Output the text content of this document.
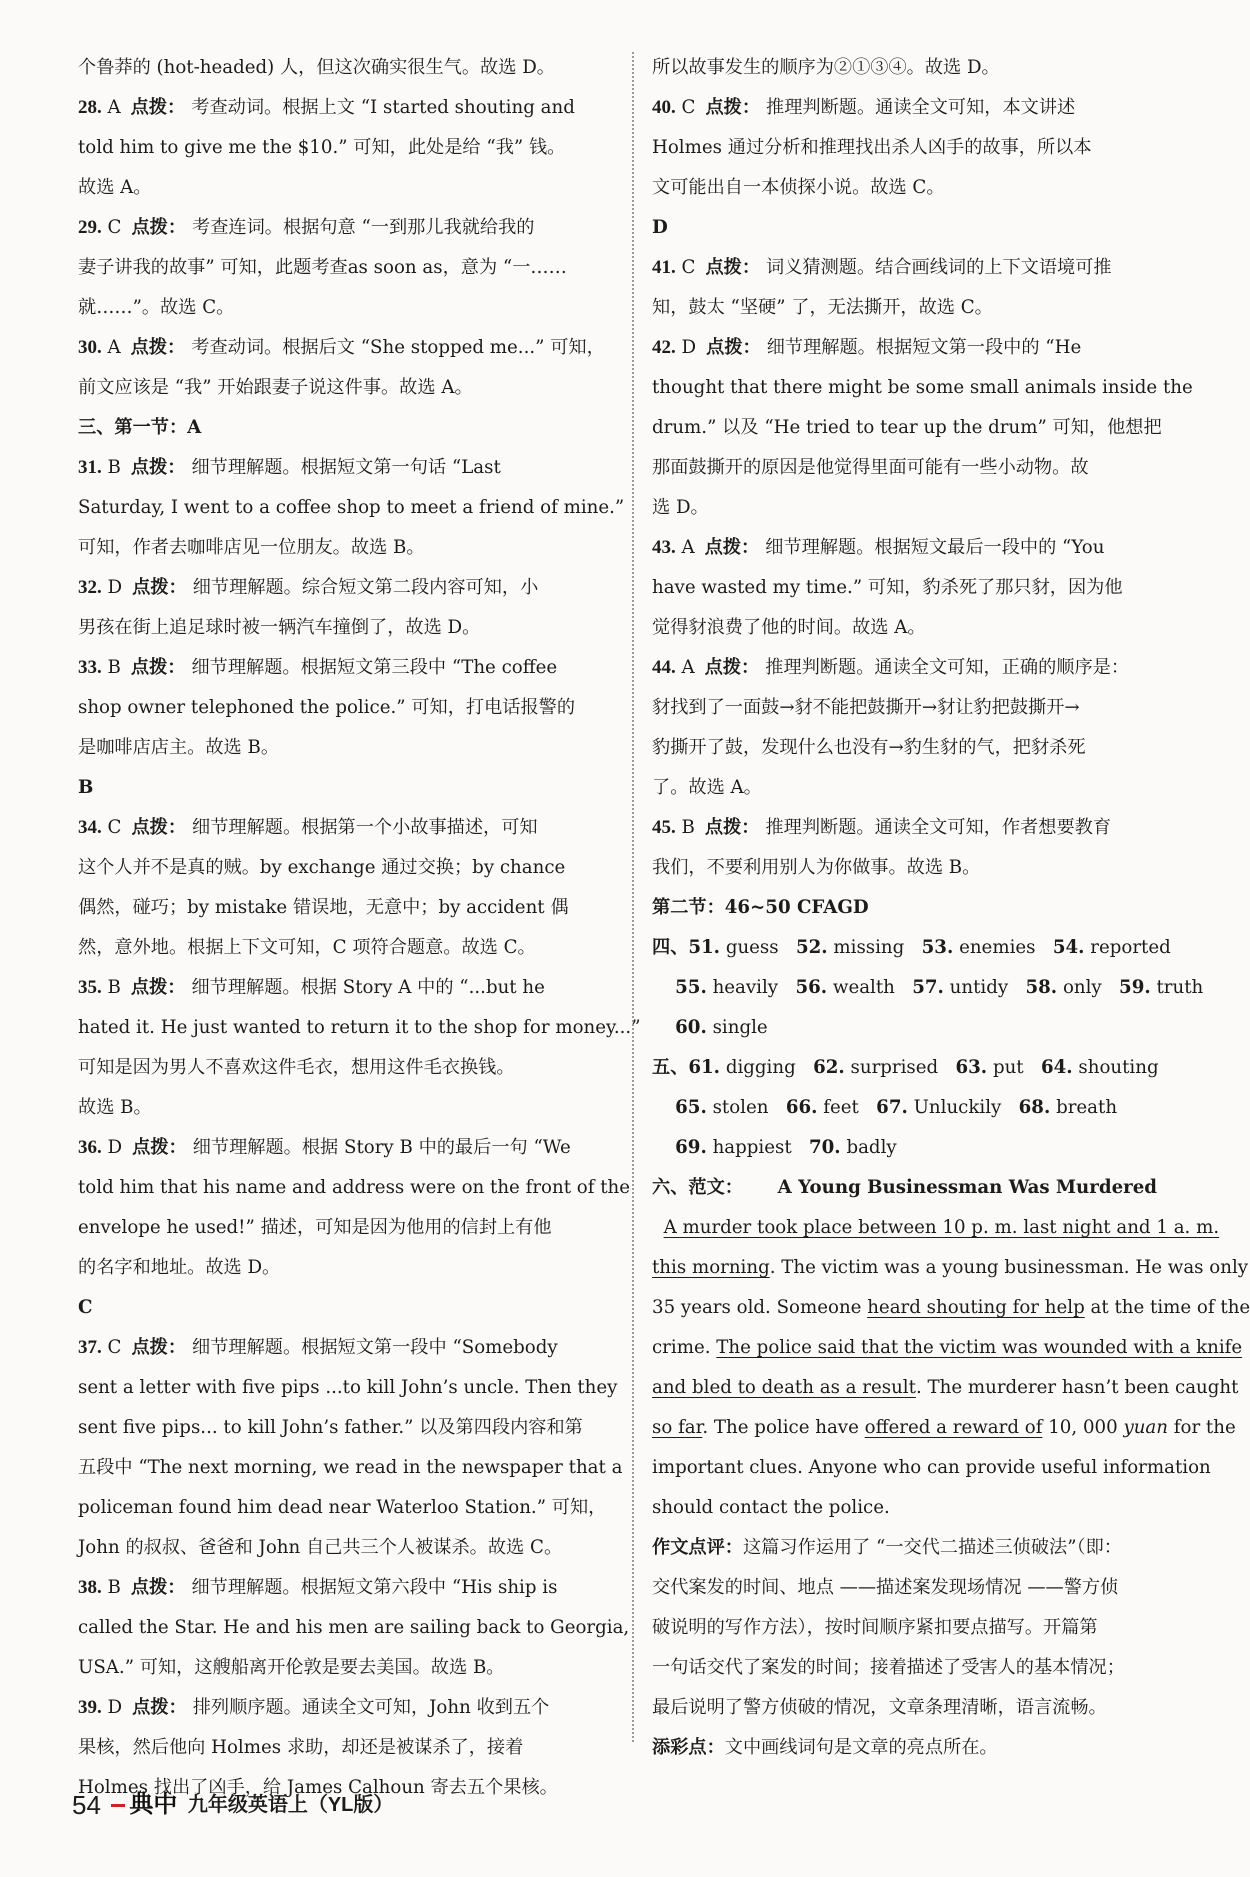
个鲁莽的 (hot-headed) 人，但这次确实很生气。故选 D。
28. A 点拨： 考查动词。根据上文 “I started shouting and
told him to give me the $10.” 可知，此处是给 “我” 钱。
故选 A。
29. C 点拨： 考查连词。根据句意 “一到那儿我就给我的
妻子讲我的故事” 可知，此题考查as soon as，意为 “一……
就……”。故选 C。
30. A 点拨： 考查动词。根据后文 “She stopped me...” 可知，
前文应该是 “我” 开始跟妻子说这件事。故选 A。
三、第一节：A
31. B 点拨： 细节理解题。根据短文第一句话 “Last
Saturday, I went to a coffee shop to meet a friend of mine.”
可知，作者去咖啡店见一位朋友。故选 B。
32. D 点拨： 细节理解题。综合短文第二段内容可知，小
男孩在街上追足球时被一辆汽车撞倒了，故选 D。
33. B 点拨： 细节理解题。根据短文第三段中 “The coffee
shop owner telephoned the police.” 可知，打电话报警的
是咖啡店店主。故选 B。
B
34. C 点拨： 细节理解题。根据第一个小故事描述，可知
这个人并不是真的贼。by exchange 通过交换；by chance
偶然，碰巧；by mistake 错误地，无意中；by accident 偶
然，意外地。根据上下文可知，C 项符合题意。故选 C。
35. B 点拨： 细节理解题。根据 Story A 中的 “...but he
hated it. He just wanted to return it to the shop for money...”
可知是因为男人不喜欢这件毛衣，想用这件毛衣换钱。
故选 B。
36. D 点拨： 细节理解题。根据 Story B 中的最后一句 “We
told him that his name and address were on the front of the
envelope he used!” 描述，可知是因为他用的信封上有他
的名字和地址。故选 D。
C
37. C 点拨： 细节理解题。根据短文第一段中 “Somebody
sent a letter with five pips ...to kill John’s uncle. Then they
sent five pips... to kill John’s father.” 以及第四段内容和第
五段中 “The next morning, we read in the newspaper that a
policeman found him dead near Waterloo Station.” 可知，
John 的叔叔、爸爸和 John 自己共三个人被谋杀。故选 C。
38. B 点拨： 细节理解题。根据短文第六段中 “His ship is
called the Star. He and his men are sailing back to Georgia,
USA.” 可知，这艘船离开伦敦是要去美国。故选 B。
39. D 点拨： 排列顺序题。通读全文可知，John 收到五个
果核，然后他向 Holmes 求助，却还是被谋杀了，接着
Holmes 找出了凶手，给 James Calhoun 寄去五个果核。
所以故事发生的顺序为②①③④。故选 D。
40. C 点拨： 推理判断题。通读全文可知，本文讲述
Holmes 通过分析和推理找出杀人凶手的故事，所以本
文可能出自一本侦探小说。故选 C。
D
41. C 点拨： 词义猜测题。结合画线词的上下文语境可推
知，鼓太 “坚硬” 了，无法撕开，故选 C。
42. D 点拨： 细节理解题。根据短文第一段中的 “He
thought that there might be some small animals inside the
drum.” 以及 “He tried to tear up the drum” 可知，他想把
那面鼓撕开的原因是他觉得里面可能有一些小动物。故
选 D。
43. A 点拨： 细节理解题。根据短文最后一段中的 “You
have wasted my time.” 可知，豹杀死了那只豺，因为他
觉得豺浪费了他的时间。故选 A。
44. A 点拨： 推理判断题。通读全文可知，正确的顺序是：
豺找到了一面鼓→豺不能把鼓撕开→豺让豹把鼓撕开→
豹撕开了鼓，发现什么也没有→豹生豺的气，把豺杀死
了。故选 A。
45. B 点拨： 推理判断题。通读全文可知，作者想要教育
我们，不要利用别人为你做事。故选 B。
第二节：46~50 CFAGD
四、51. guess   52. missing   53. enemies   54. reported
55. heavily   56. wealth   57. untidy   58. only   59. truth
60. single
五、61. digging   62. surprised   63. put   64. shouting
65. stolen   66. feet   67. Unluckily   68. breath
69. happiest   70. badly
六、范文： A Young Businessman Was Murdered
A murder took place between 10 p. m. last night and 1 a. m.
this morning. The victim was a young businessman. He was only
35 years old. Someone heard shouting for help at the time of the
crime. The police said that the victim was wounded with a knife
and bled to death as a result. The murderer hasn’t been caught
so far. The police have offered a reward of 10, 000 yuan for the
important clues. Anyone who can provide useful information
should contact the police.
作文点评：这篇习作运用了 “一交代二描述三侦破法”（即：
交代案发的时间、地点 ——描述案发现场情况 ——警方侦
破说明的写作方法），按时间顺序紧扣要点描写。开篇第
一句话交代了案发的时间；接着描述了受害人的基本情况；
最后说明了警方侦破的情况，文章条理清晰，语言流畅。
添彩点：文中画线词句是文章的亮点所在。
54 典中 九年级英语上（YL版）
